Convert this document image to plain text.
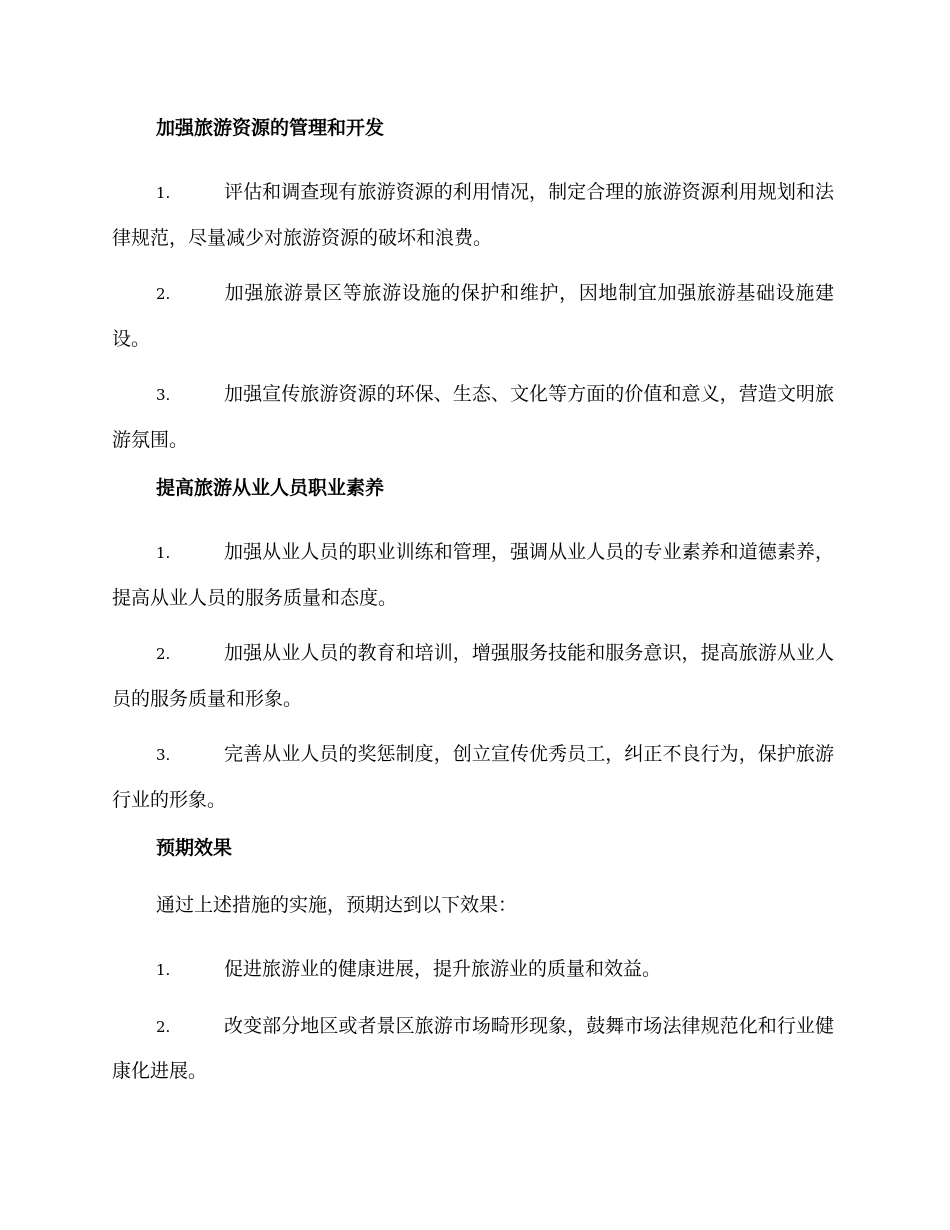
加强旅游资源的管理和开发
1.	评估和调查现有旅游资源的利用情况，制定合理的旅游资源利用规划和法律规范，尽量减少对旅游资源的破坏和浪费。
2.	加强旅游景区等旅游设施的保护和维护，因地制宜加强旅游基础设施建设。
3.	加强宣传旅游资源的环保、生态、文化等方面的价值和意义，营造文明旅游氛围。
提高旅游从业人员职业素养
1.	加强从业人员的职业训练和管理，强调从业人员的专业素养和道德素养，提高从业人员的服务质量和态度。
2.	加强从业人员的教育和培训，增强服务技能和服务意识，提高旅游从业人员的服务质量和形象。
3.	完善从业人员的奖惩制度，创立宣传优秀员工，纠正不良行为，保护旅游行业的形象。
预期效果
通过上述措施的实施，预期达到以下效果：
1.	促进旅游业的健康进展，提升旅游业的质量和效益。
2.	改变部分地区或者景区旅游市场畸形现象，鼓舞市场法律规范化和行业健康化进展。
